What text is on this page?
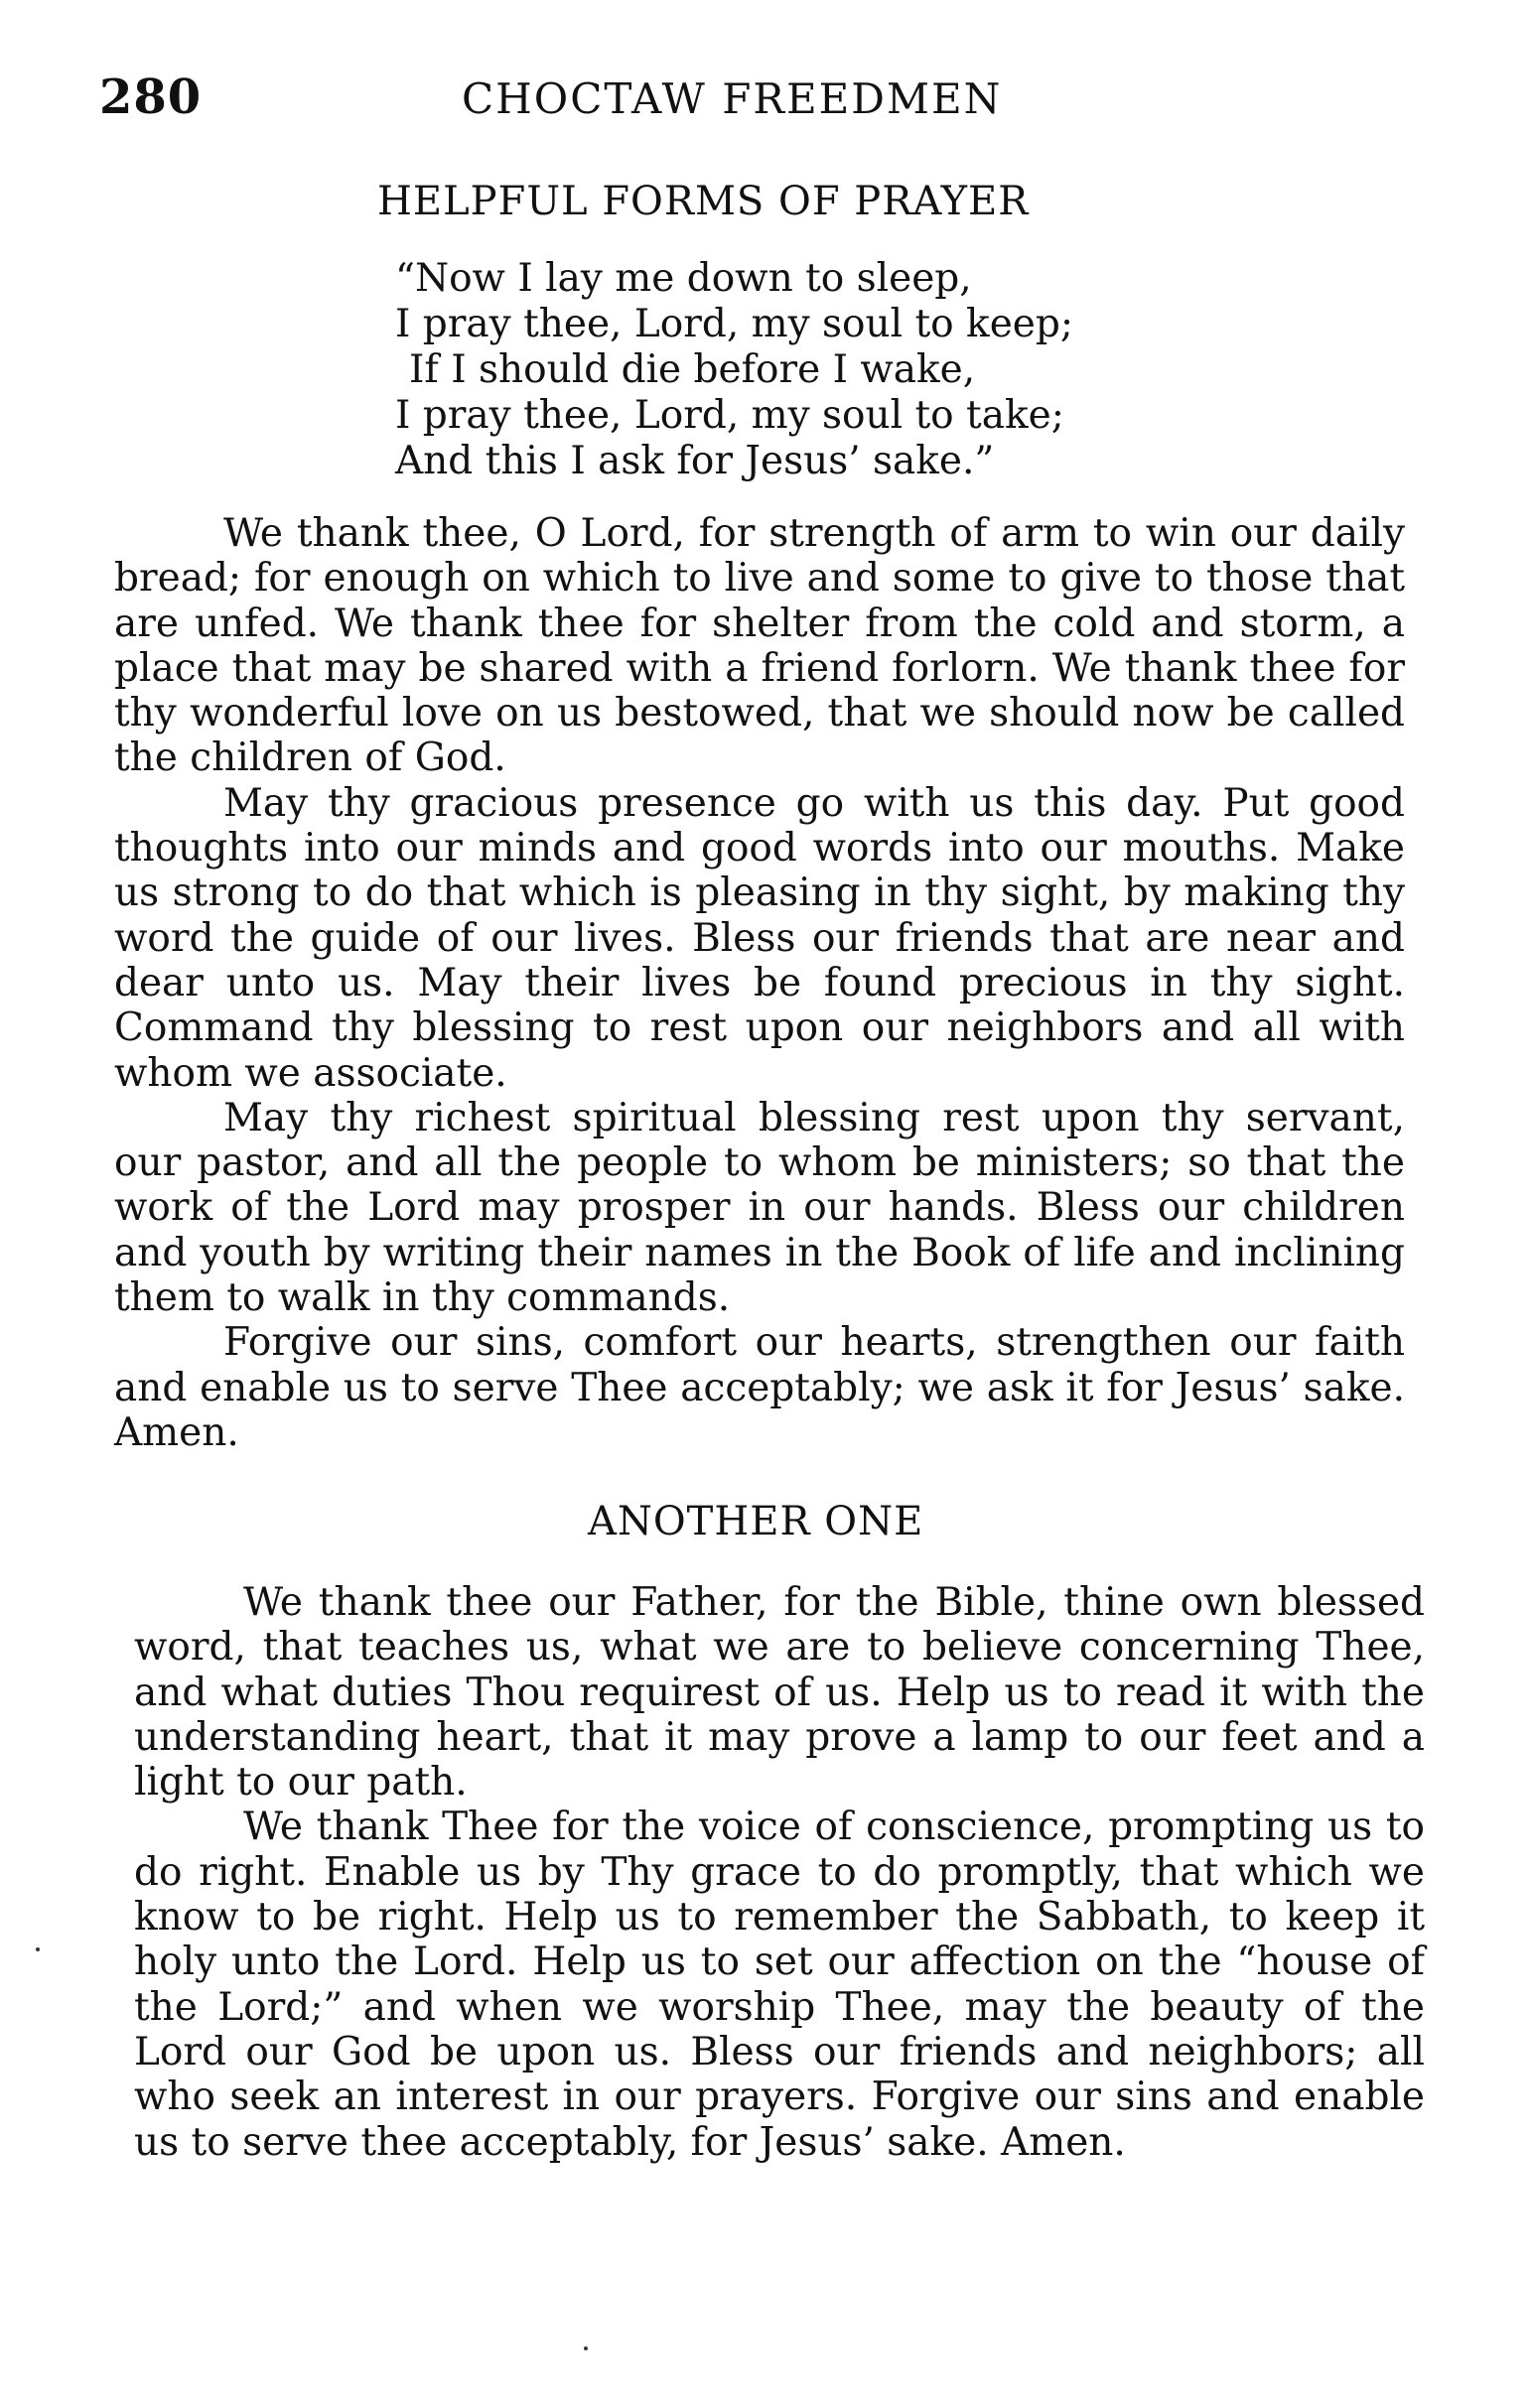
280	CHOCTAW FREEDMEN
HELPFUL FORMS OF PRAYER
“Now I lay me down to sleep,
I pray thee, Lord, my soul to keep;
If I should die before I wake,
I pray thee, Lord, my soul to take;
And this I ask for Jesus’ sake.”

We thank thee, O Lord, for strength of arm to win our daily bread; for enough on which to live and some to give to those that are unfed. We thank thee for shelter from the cold and storm, a place that may be shared with a friend forlorn. We thank thee for thy wonderful love on us bestowed, that we should now be called the children of God.

May thy gracious presence go with us this day. Put good thoughts into our minds and good words into our mouths. Make us strong to do that which is pleasing in thy sight, by making thy word the guide of our lives. Bless our friends that are near and dear unto us. May their lives be found precious in thy sight. Command thy blessing to rest upon our neighbors and all with whom we associate.

May thy richest spiritual blessing rest upon thy servant, our pastor, and all the people to whom be ministers; so that the work of the Lord may prosper in our hands. Bless our children and youth by writing their names in the Book of life and inclining them to walk in thy commands.

Forgive our sins, comfort our hearts, strengthen our faith and enable us to serve Thee acceptably; we ask it for Jesus’ sake. Amen.

ANOTHER ONE

We thank thee our Father, for the Bible, thine own blessed word, that teaches us, what we are to believe concerning Thee, and what duties Thou requirest of us. Help us to read it with the understanding heart, that it may prove a lamp to our feet and a light to our path.

We thank Thee for the voice of conscience, prompting us to do right. Enable us by Thy grace to do promptly, that which we know to be right. Help us to remember the Sabbath, to keep it holy unto the Lord. Help us to set our affection on the “house of the Lord;” and when we worship Thee, may the beauty of the Lord our God be upon us. Bless our friends and neighbors; all who seek an interest in our prayers. Forgive our sins and enable us to serve thee acceptably, for Jesus’ sake. Amen.
